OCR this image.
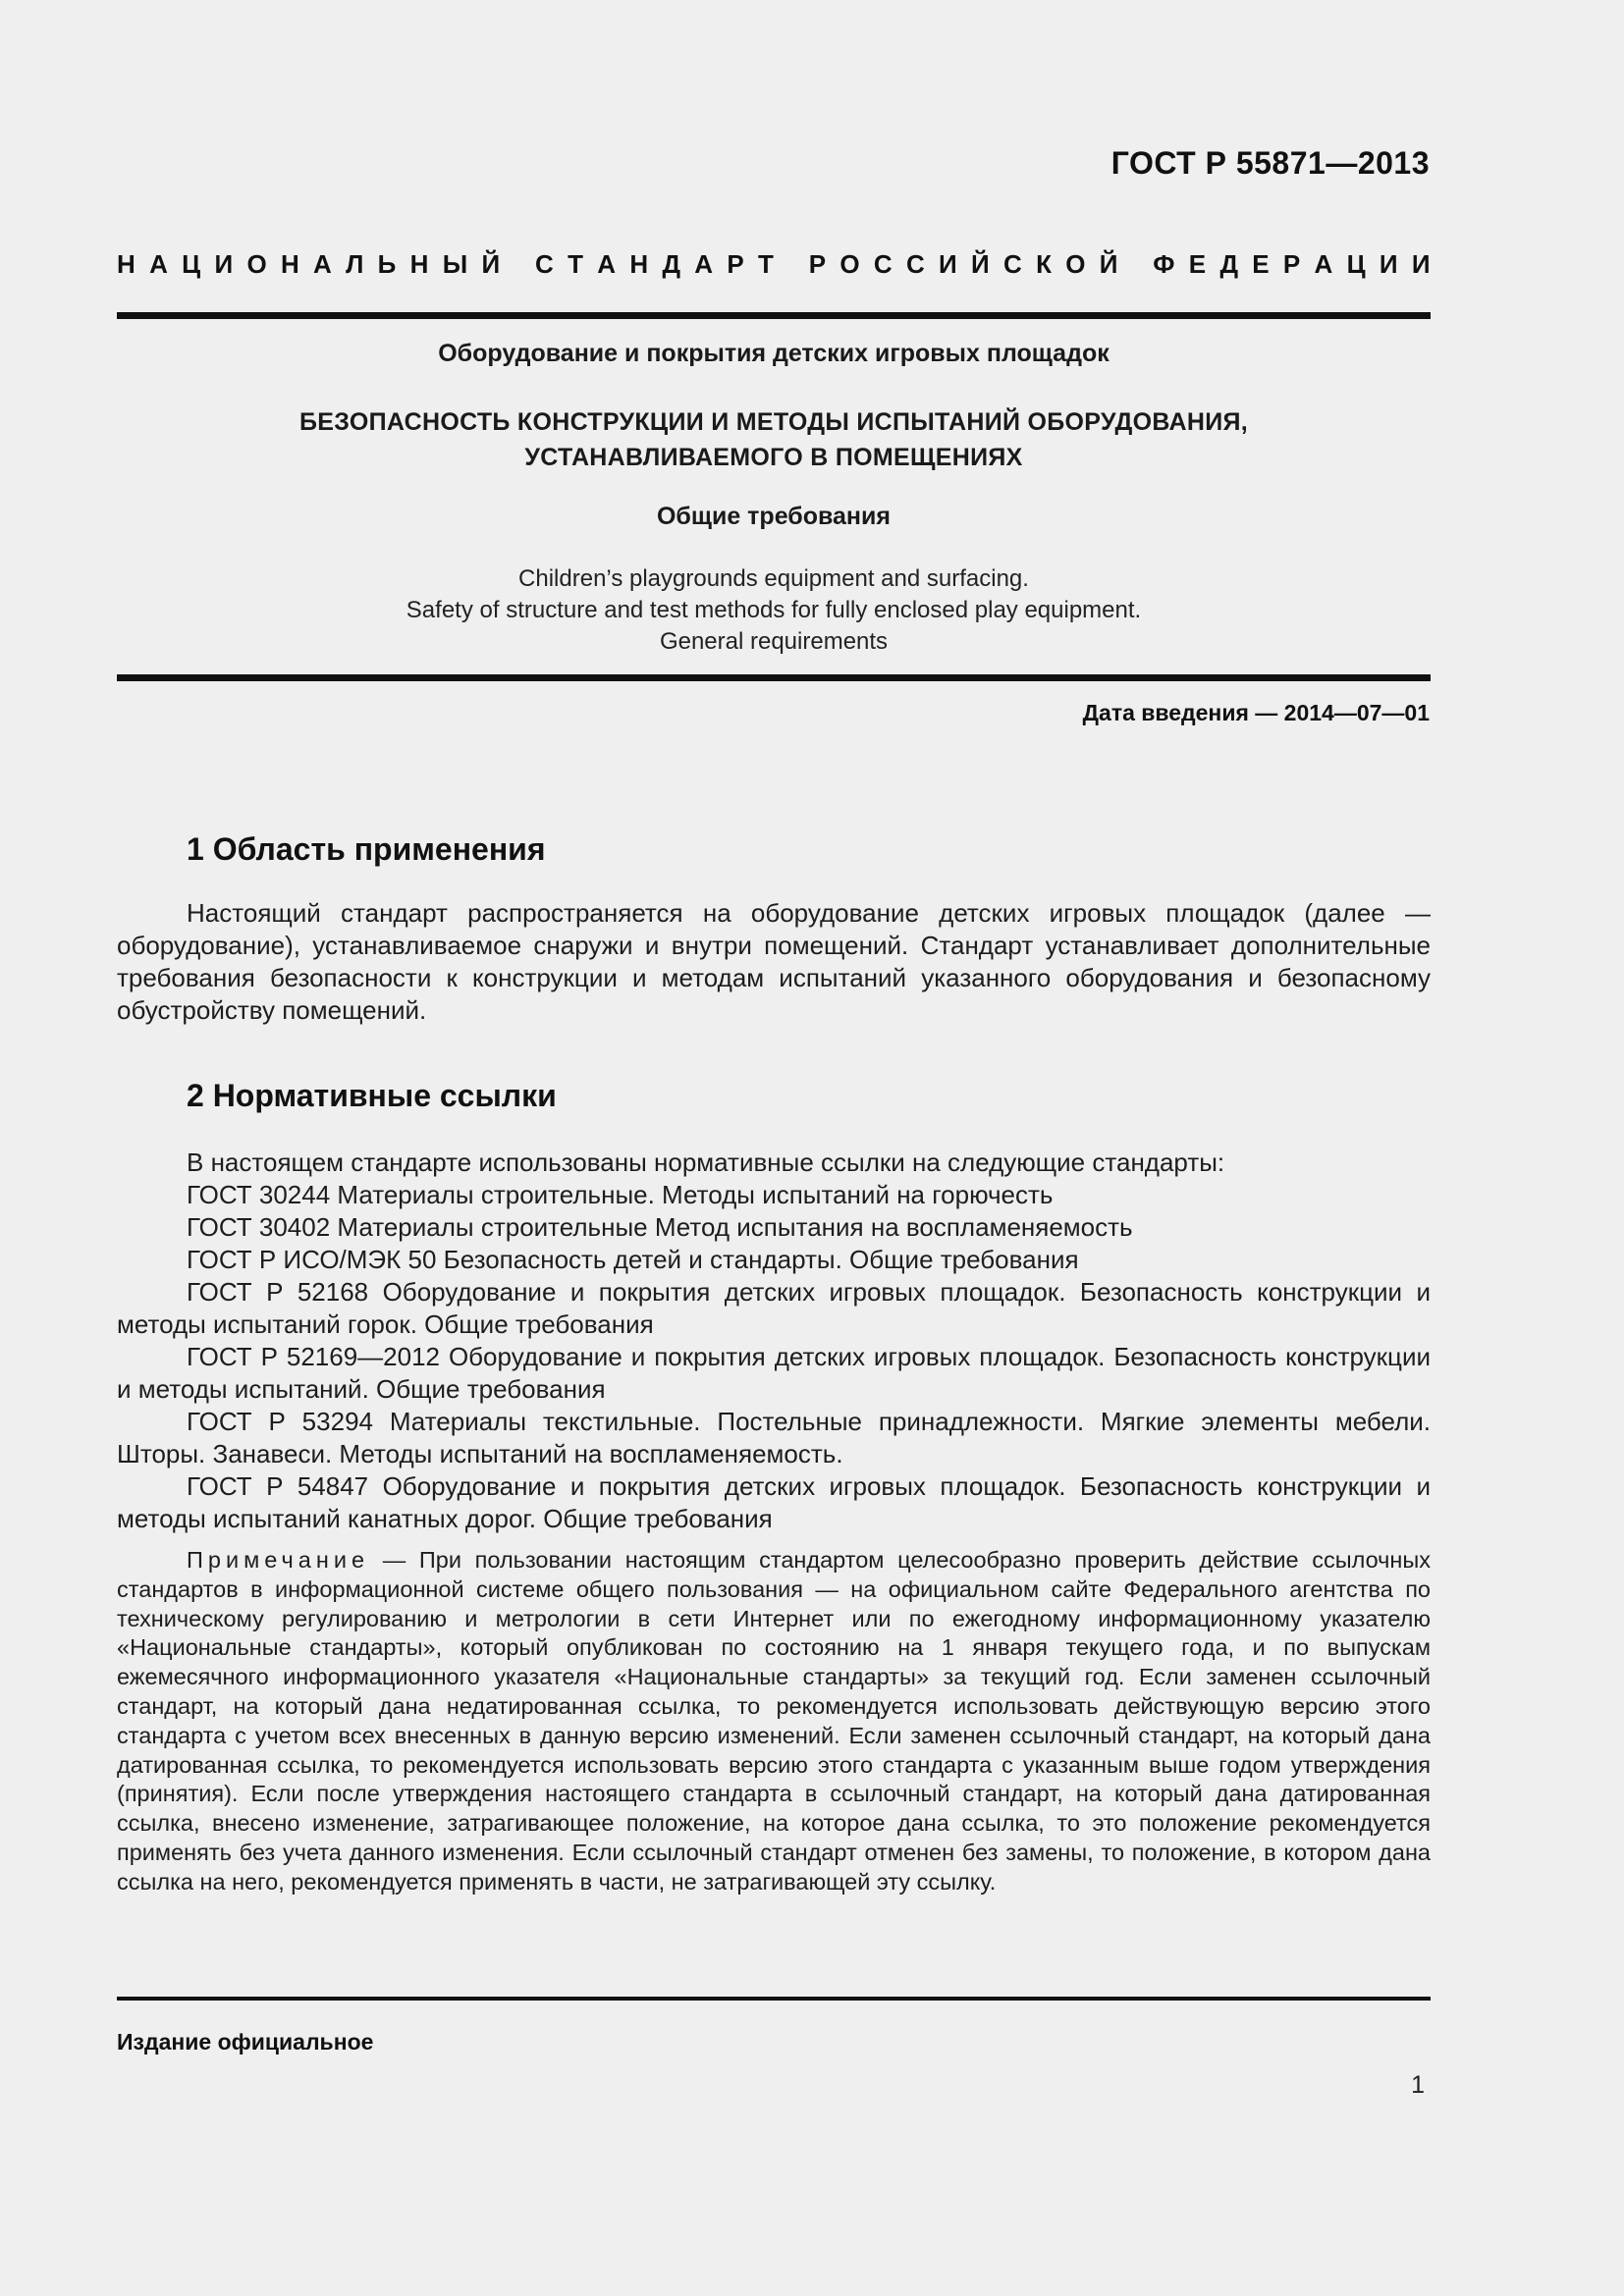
ГОСТ Р 55871—2013
Н А Ц И О Н А Л Ь Н Ы Й
С Т А Н Д А Р Т
Р О С С И Й С К О Й
Ф Е Д Е Р А Ц И И
Оборудование и покрытия детских игровых площадок
БЕЗОПАСНОСТЬ КОНСТРУКЦИИ И МЕТОДЫ ИСПЫТАНИЙ ОБОРУДОВАНИЯ,
УСТАНАВЛИВАЕМОГО В ПОМЕЩЕНИЯХ
Общие требования
Children’s playgrounds equipment and surfacing.
Safety of structure and test methods for fully enclosed play equipment.
General requirements
Дата введения — 2014—07—01
1 Область применения
Настоящий стандарт распространяется на оборудование детских игровых площадок (далее — оборудование), устанавливаемое снаружи и внутри помещений. Стандарт устанавливает дополнительные требования безопасности к конструкции и методам испытаний указанного оборудования и безопасному обустройству помещений.
2 Нормативные ссылки

В настоящем стандарте использованы нормативные ссылки на следующие стандарты:

ГОСТ 30244 Материалы строительные. Методы испытаний на горючесть

ГОСТ 30402 Материалы строительные Метод испытания на воспламеняемость

ГОСТ Р ИСО/МЭК 50 Безопасность детей и стандарты. Общие требования

ГОСТ Р 52168 Оборудование и покрытия детских игровых площадок. Безопасность конструкции и методы испытаний горок. Общие требования

ГОСТ Р 52169—2012 Оборудование и покрытия детских игровых площадок. Безопасность конструкции и методы испытаний. Общие требования

ГОСТ Р 53294 Материалы текстильные. Постельные принадлежности. Мягкие элементы мебели. Шторы. Занавеси. Методы испытаний на воспламеняемость.

ГОСТ Р 54847 Оборудование и покрытия детских игровых площадок. Безопасность конструкции и методы испытаний канатных дорог. Общие требования

Примечание — При пользовании настоящим стандартом целесообразно проверить действие ссылочных стандартов в информационной системе общего пользования — на официальном сайте Федерального агентства по техническому регулированию и метрологии в сети Интернет или по ежегодному информационному указателю «Национальные стандарты», который опубликован по состоянию на 1 января текущего года, и по выпускам ежемесячного информационного указателя «Национальные стандарты» за текущий год. Если заменен ссылочный стандарт, на который дана недатированная ссылка, то рекомендуется использовать действующую версию этого стандарта с учетом всех внесенных в данную версию изменений. Если заменен ссылочный стандарт, на который дана датированная ссылка, то рекомендуется использовать версию этого стандарта с указанным выше годом утверждения (принятия). Если после утверждения настоящего стандарта в ссылочный стандарт, на который дана датированная ссылка, внесено изменение, затрагивающее положение, на которое дана ссылка, то это положение рекомендуется применять без учета данного изменения. Если ссылочный стандарт отменен без замены, то положение, в котором дана ссылка на него, рекомендуется применять в части, не затрагивающей эту ссылку.
Издание официальное
1
